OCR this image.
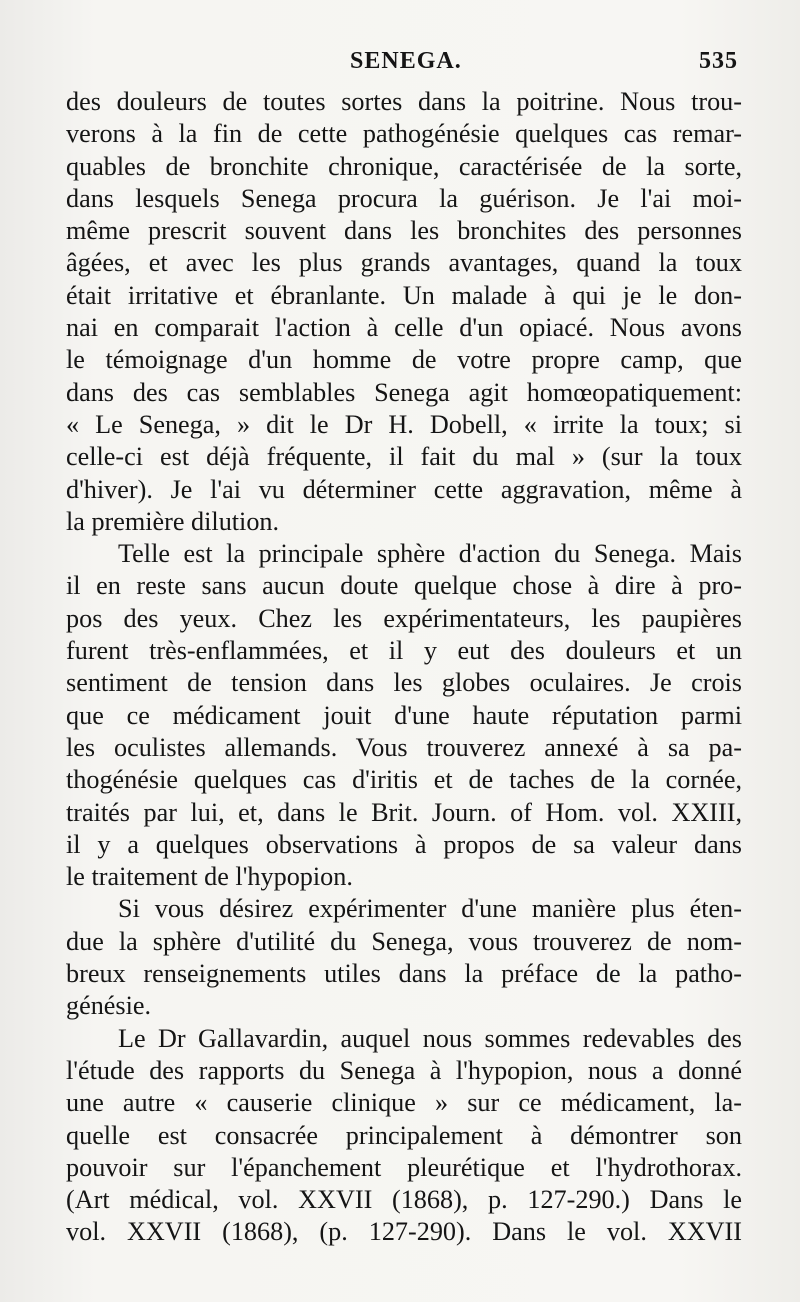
SENEGA.	535
des douleurs de toutes sortes dans la poitrine. Nous trou-
verons à la fin de cette pathogénésie quelques cas remar-
quables de bronchite chronique, caractérisée de la sorte,
dans lesquels Senega procura la guérison. Je l'ai moi-
même prescrit souvent dans les bronchites des personnes
âgées, et avec les plus grands avantages, quand la toux
était irritative et ébranlante. Un malade à qui je le don-
nai en comparait l'action à celle d'un opiacé. Nous avons
le témoignage d'un homme de votre propre camp, que
dans des cas semblables Senega agit homœopatiquement:
« Le Senega, » dit le Dr H. Dobell, « irrite la toux; si
celle-ci est déjà fréquente, il fait du mal » (sur la toux
d'hiver). Je l'ai vu déterminer cette aggravation, même à
la première dilution.
Telle est la principale sphère d'action du Senega. Mais
il en reste sans aucun doute quelque chose à dire à pro-
pos des yeux. Chez les expérimentateurs, les paupières
furent très-enflammées, et il y eut des douleurs et un
sentiment de tension dans les globes oculaires. Je crois
que ce médicament jouit d'une haute réputation parmi
les oculistes allemands. Vous trouverez annexé à sa pa-
thogénésie quelques cas d'iritis et de taches de la cornée,
traités par lui, et, dans le Brit. Journ. of Hom. vol. XXIII,
il y a quelques observations à propos de sa valeur dans
le traitement de l'hypopion.
Si vous désirez expérimenter d'une manière plus éten-
due la sphère d'utilité du Senega, vous trouverez de nom-
breux renseignements utiles dans la préface de la patho-
génésie.
Le Dr Gallavardin, auquel nous sommes redevables des
l'étude des rapports du Senega à l'hypopion, nous a donné
une autre « causerie clinique » sur ce médicament, la-
quelle est consacrée principalement à démontrer son
pouvoir sur l'épanchement pleurétique et l'hydrothorax.
(Art médical, vol. XXVII (1868), p. 127-290.) Dans le
vol. XXVII (1868), (p. 127-290). Dans le vol. XXVII
